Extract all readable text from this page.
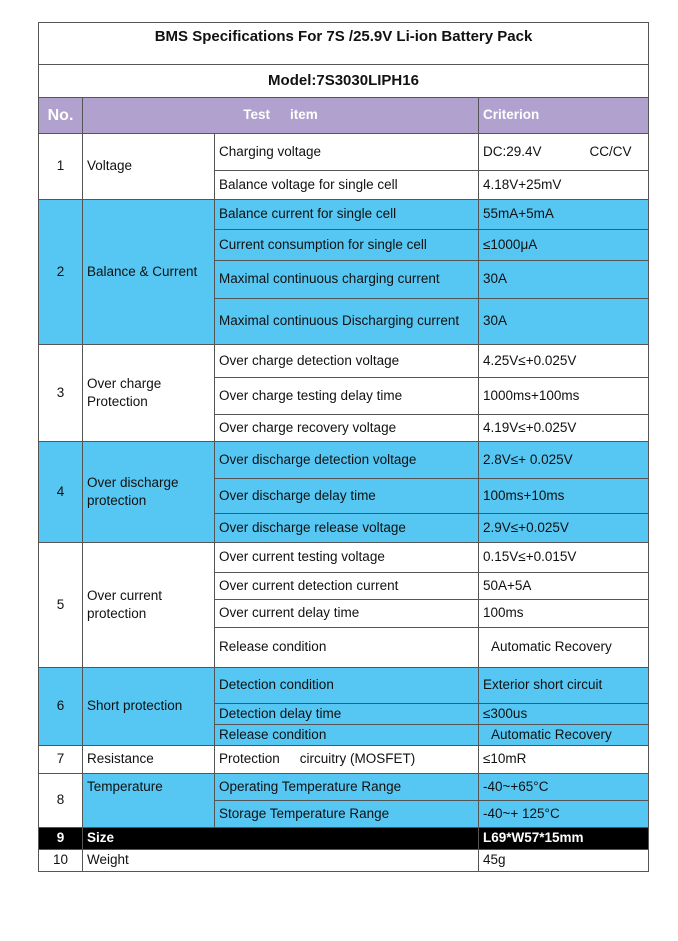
BMS Specifications For 7S /25.9V Li-ion Battery Pack			
Model:7S3030LIPH16			
No.	Test item		Criterion
1	Voltage	Charging voltage	DC:29.4V CC/CV
		Balance voltage for single cell	4.18V+25mV
2	Balance & Current	Balance current for single cell	55mA+5mA
		Current consumption for single cell	≤1000μA
		Maximal continuous charging current	30A
		Maximal continuous Discharging current	30A
3	Over charge Protection	Over charge detection voltage	4.25V≤+0.025V
		Over charge testing delay time	1000ms+100ms
		Over charge recovery voltage	4.19V≤+0.025V
4	Over discharge protection	Over discharge detection voltage	2.8V≤+ 0.025V
		Over discharge delay time	100ms+10ms
		Over discharge release voltage	2.9V≤+0.025V
5	Over current protection	Over current testing voltage	0.15V≤+0.015V
		Over current detection current	50A+5A
		Over current delay time	100ms
		Release condition	Automatic Recovery
6	Short protection	Detection condition	Exterior short circuit
		Detection delay time	≤300us
		Release condition	Automatic Recovery
7	Resistance	Protection circuitry (MOSFET)	≤10mR
8	Temperature	Operating Temperature Range	-40~+65°C
		Storage Temperature Range	-40~+ 125°C
9	Size		L69*W57*15mm
10	Weight		45g
